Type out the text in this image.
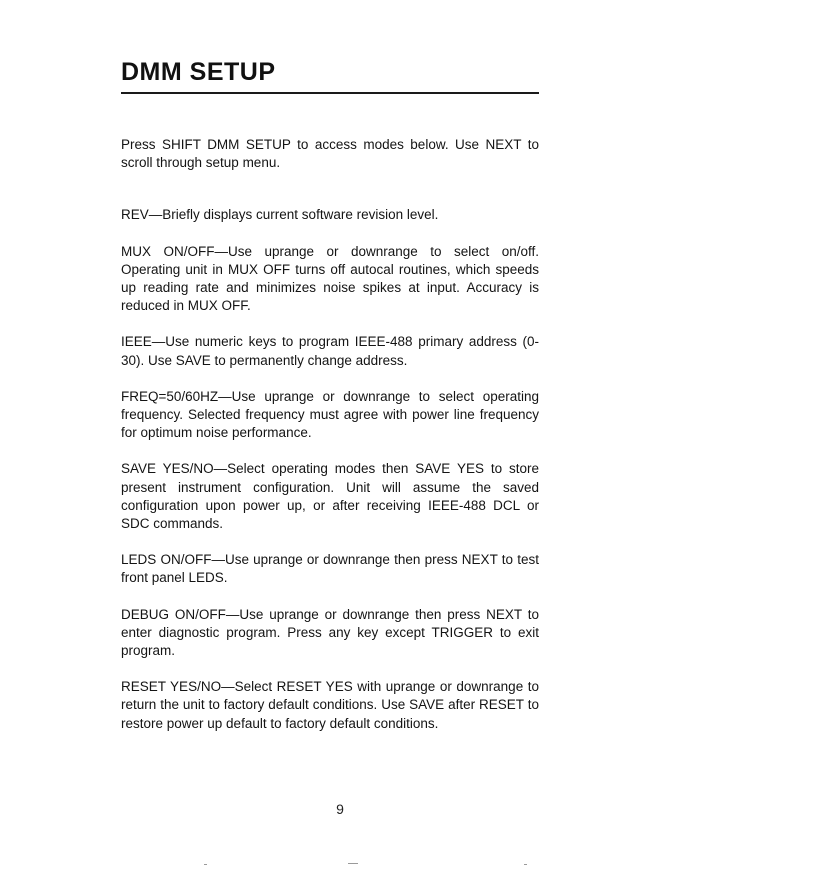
DMM SETUP

Press SHIFT DMM SETUP to access modes below. Use NEXT to scroll through setup menu.

REV—Briefly displays current software revision level.

MUX ON/OFF—Use uprange or downrange to select on/off. Operating unit in MUX OFF turns off autocal routines, which speeds up reading rate and minimizes noise spikes at input. Accuracy is reduced in MUX OFF.

IEEE—Use numeric keys to program IEEE-488 primary address (0-30). Use SAVE to permanently change address.

FREQ=50/60HZ—Use uprange or downrange to select operating frequency. Selected frequency must agree with power line frequency for optimum noise performance.

SAVE YES/NO—Select operating modes then SAVE YES to store present instrument configuration. Unit will assume the saved configuration upon power up, or after receiving IEEE-488 DCL or SDC commands.

LEDS ON/OFF—Use uprange or downrange then press NEXT to test front panel LEDS.

DEBUG ON/OFF—Use uprange or downrange then press NEXT to enter diagnostic program. Press any key except TRIGGER to exit program.

RESET YES/NO—Select RESET YES with uprange or downrange to return the unit to factory default conditions. Use SAVE after RESET to restore power up default to factory default conditions.

9
